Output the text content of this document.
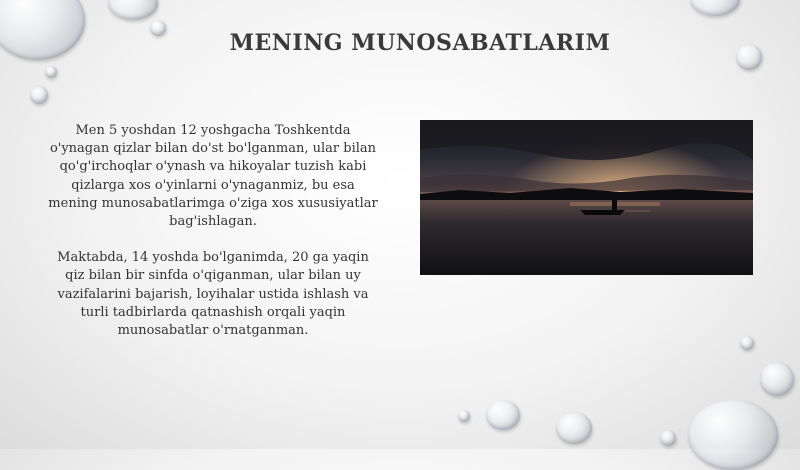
MENING MUNOSABATLARIM

Men 5 yoshdan 12 yoshgacha Toshkentda o'ynagan qizlar bilan do'st bo'lganman, ular bilan qo'g'irchoqlar o'ynash va hikoyalar tuzish kabi qizlarga xos o'yinlarni o'ynaganmiz, bu esa mening munosabatlarimga o'ziga xos xususiyatlar bag'ishlagan.

Maktabda, 14 yoshda bo'lganimda, 20 ga yaqin qiz bilan bir sinfda o'qiganman, ular bilan uy vazifalarini bajarish, loyihalar ustida ishlash va turli tadbirlarda qatnashish orqali yaqin munosabatlar o'rnatganman.
